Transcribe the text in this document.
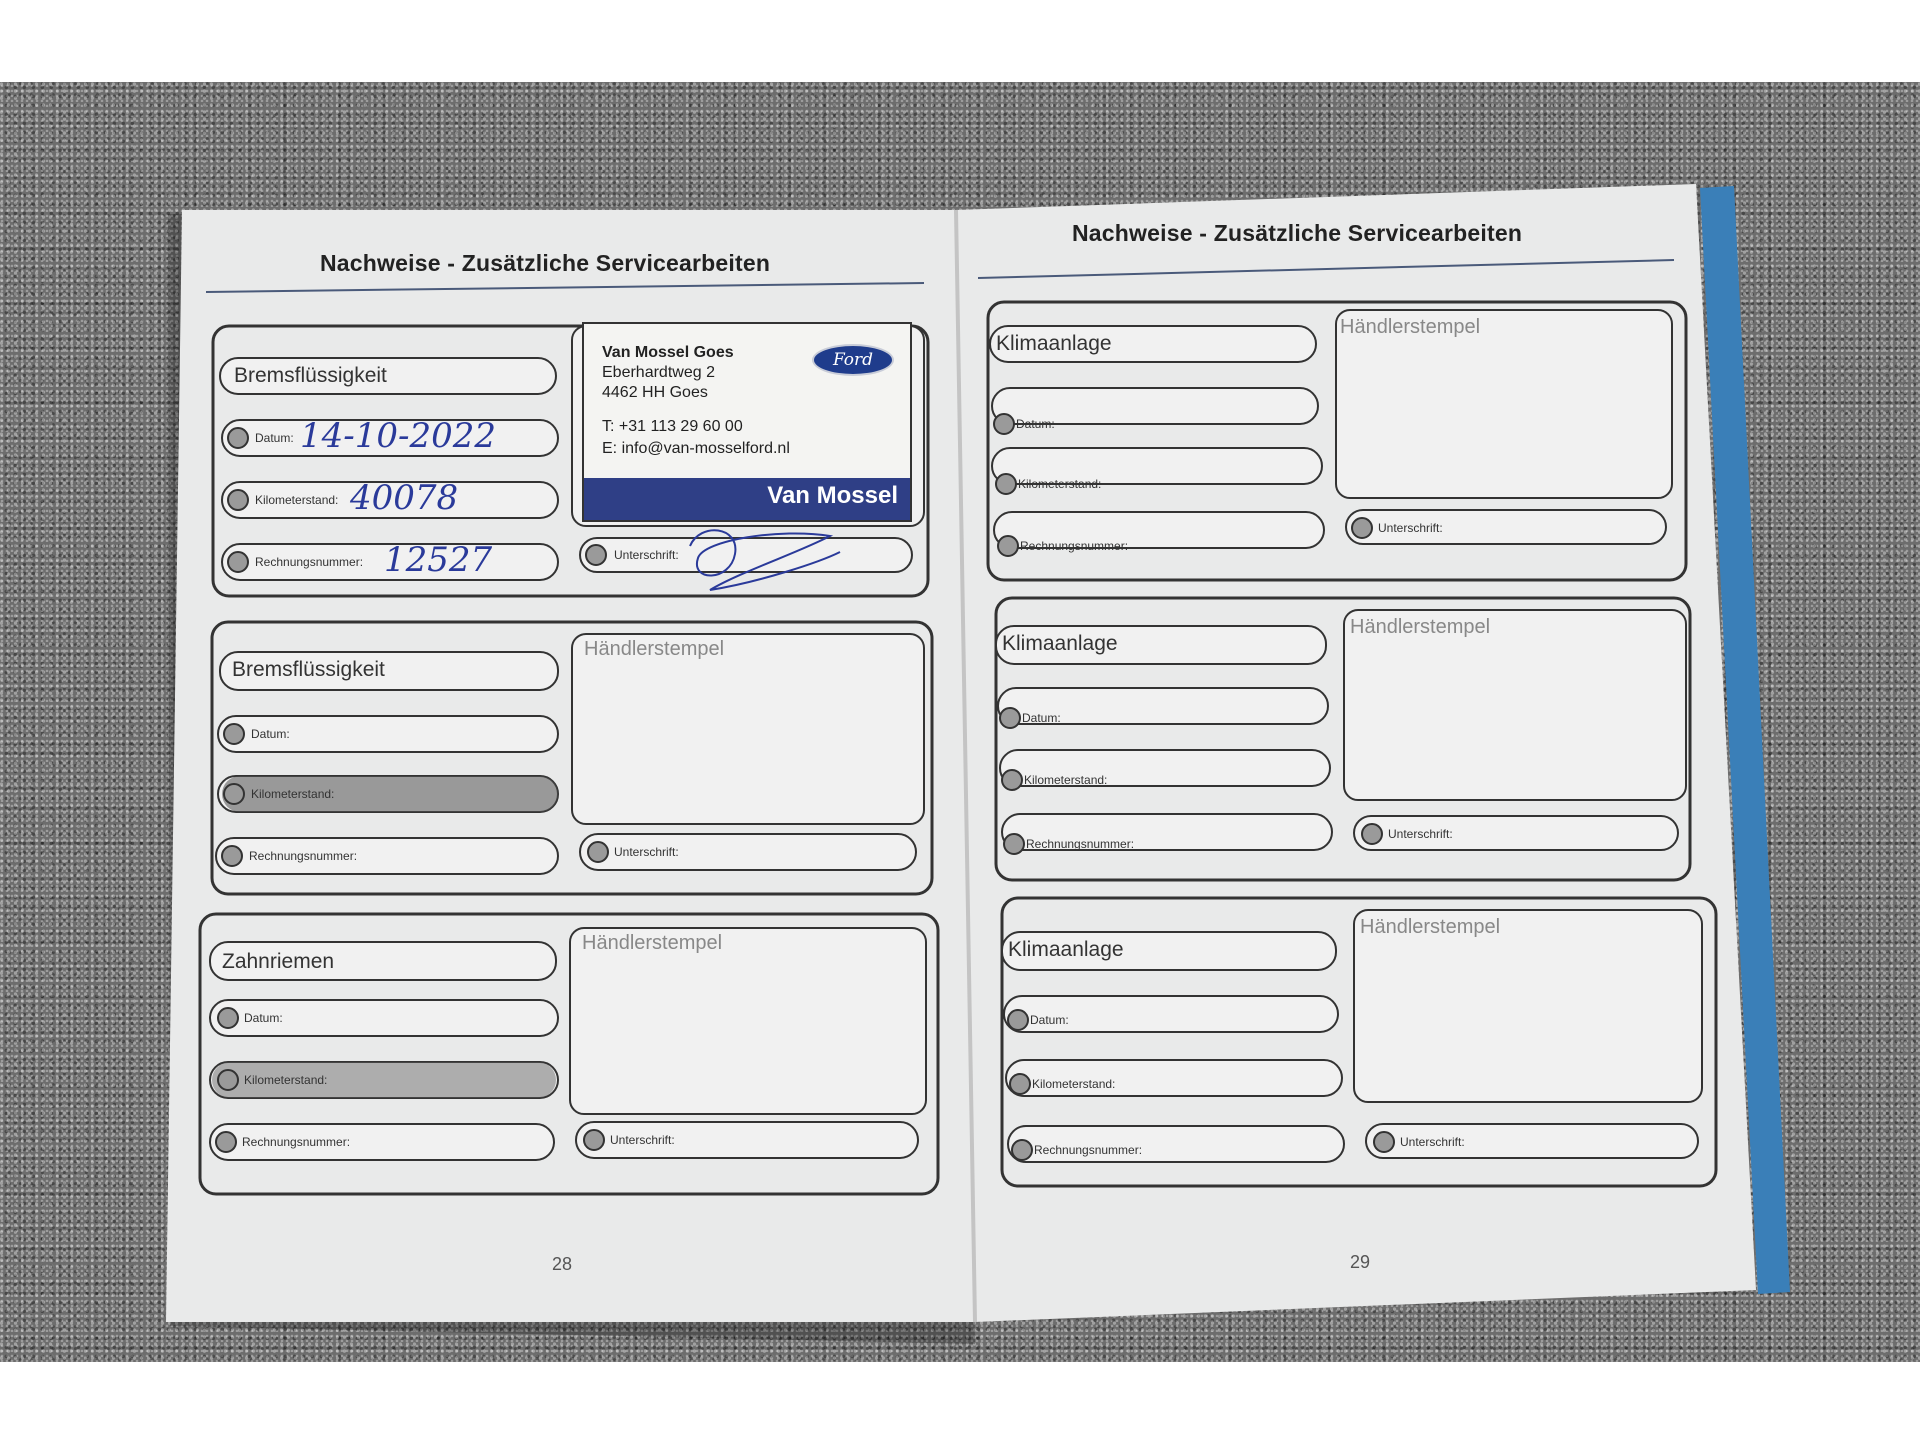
Nachweise - Zusätzliche Servicearbeiten
Nachweise - Zusätzliche Servicearbeiten
28	29
Bremsflüssigkeit
Datum:
Kilometerstand:
Rechnungsnummer:	Unterschrift:
14-10-2022
40078
12527
Van Mossel Goes
Eberhardtweg 2
4462 HH Goes
T: +31 113 29 60 00
E: info@van-mosselford.nl
Ford
Van Mossel
Bremsflüssigkeit
Datum:
Kilometerstand:
Rechnungsnummer:
Händlerstempel
Unterschrift:
Zahnriemen
Datum:
Kilometerstand:
Rechnungsnummer:
Händlerstempel
Unterschrift:
Klimaanlage
Datum:
Kilometerstand:
Rechnungsnummer:
Händlerstempel
Unterschrift:
Klimaanlage
Datum:
Kilometerstand:
Rechnungsnummer:
Händlerstempel
Unterschrift:
Klimaanlage
Datum:
Kilometerstand:
Rechnungsnummer:
Händlerstempel
Unterschrift:
